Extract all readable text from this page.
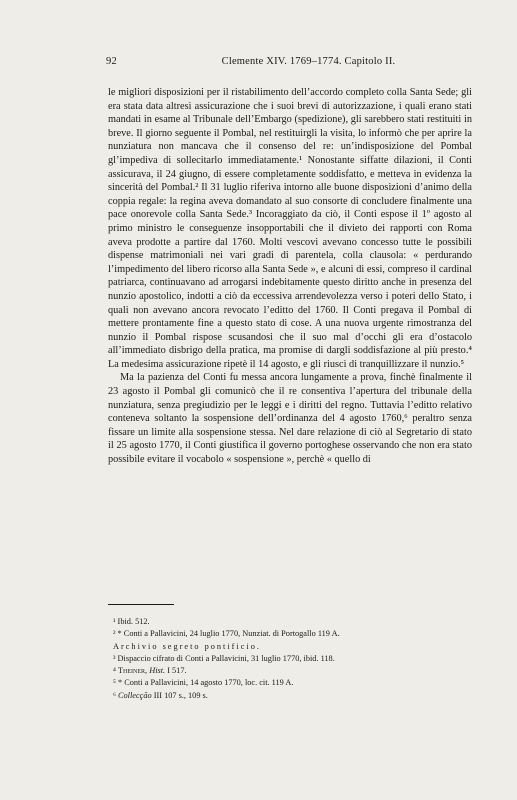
92	Clemente XIV. 1769–1774. Capitolo II.

le migliori disposizioni per il ristabilimento dell’accordo completo colla Santa Sede; gli era stata data altresì assicurazione che i suoi brevi di autorizzazione, i quali erano stati mandati in esame al Tribunale dell’Embargo (spedizione), gli sarebbero stati restituiti in breve. Il giorno seguente il Pombal, nel restituirgli la visita, lo informò che per aprire la nunziatura non mancava che il consenso del re: un’indisposizione del Pombal gl’impediva di sollecitarlo immediatamente.¹ Nonostante siffatte dilazioni, il Conti assicurava, il 24 giugno, di essere completamente soddisfatto, e metteva in evidenza la sincerità del Pombal.² Il 31 luglio riferiva intorno alle buone disposizioni d’animo della coppia regale: la regina aveva domandato al suo consorte di concludere finalmente una pace onorevole colla Santa Sede.³ Incoraggiato da ciò, il Conti espose il 1º agosto al primo ministro le conseguenze insopportabili che il divieto dei rapporti con Roma aveva prodotte a partire dal 1760. Molti vescovi avevano concesso tutte le possibili dispense matrimoniali nei vari gradi di parentela, colla clausola: « perdurando l’impedimento del libero ricorso alla Santa Sede », e alcuni di essi, compreso il cardinal patriarca, continuavano ad arrogarsi indebitamente questo diritto anche in presenza del nunzio apostolico, indotti a ciò da eccessiva arrendevolezza verso i poteri dello Stato, i quali non avevano ancora revocato l’editto del 1760. Il Conti pregava il Pombal di mettere prontamente fine a questo stato di cose. A una nuova urgente rimostranza del nunzio il Pombal rispose scusandosi che il suo mal d’occhi gli era d’ostacolo all’immediato disbrigo della pratica, ma promise di dargli soddisfazione al più presto.⁴ La medesima assicurazione ripetè il 14 agosto, e gli riuscì di tranquillizzare il nunzio.⁵

Ma la pazienza del Conti fu messa ancora lungamente a prova, finchè finalmente il 23 agosto il Pombal gli comunicò che il re consentiva l’apertura del tribunale della nunziatura, senza pregiudizio per le leggi e i diritti del regno. Tuttavia l’editto relativo conteneva soltanto la sospensione dell’ordinanza del 4 agosto 1760,⁶ peraltro senza fissare un limite alla sospensione stessa. Nel dare relazione di ciò al Segretario di stato il 25 agosto 1770, il Conti giustifica il governo portoghese osservando che non era stato possibile evitare il vocabolo « sospensione », perchè « quello di

¹ Ibid. 512.
² * Conti a Pallavicini, 24 luglio 1770, Nunziat. di Portogallo 119 A.
Archivio segreto pontificio.
³ Dispaccio cifrato di Conti a Pallavicini, 31 luglio 1770, ibid. 118.
⁴ Theiner, Hist. I 517.
⁵ * Conti a Pallavicini, 14 agosto 1770, loc. cit. 119 A.
⁶ Collecção III 107 s., 109 s.
